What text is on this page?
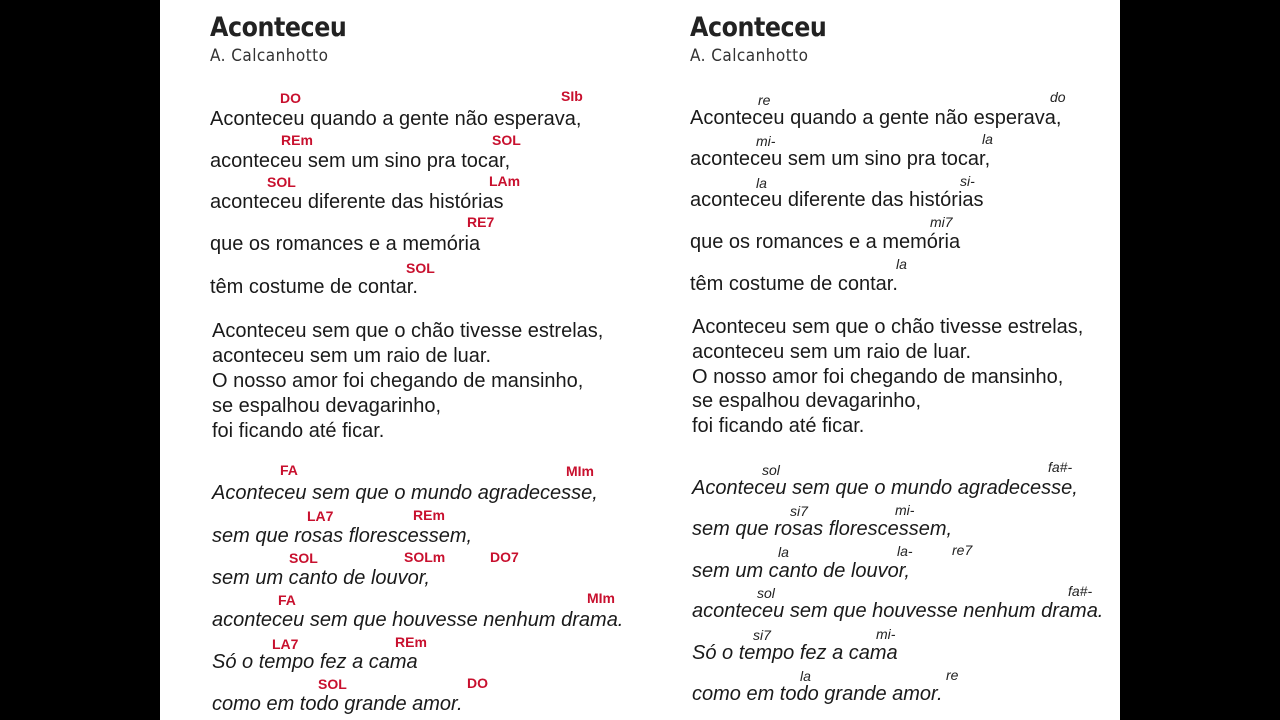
Aconteceu
A. Calcanhotto
Aconteceu quando a gente não esperava,
aconteceu sem um sino pra tocar,
aconteceu diferente das histórias
que os romances e a memória
têm costume de contar.
Aconteceu sem que o chão tivesse estrelas,
aconteceu sem um raio de luar.
O nosso amor foi chegando de mansinho,
se espalhou devagarinho,
foi ficando até ficar.
Aconteceu sem que o mundo agradecesse,
sem que rosas florescessem,
sem um canto de louvor,
aconteceu sem que houvesse nenhum drama.
Só o tempo fez a cama
como em todo grande amor.
DO	SIb
REm	SOL
SOL	LAm
RE7
SOL
FA	MIm
LA7	REm
SOL	SOLm	DO7
FA	MIm
LA7	REm
SOL	DO
Aconteceu
A. Calcanhotto
Aconteceu quando a gente não esperava,
aconteceu sem um sino pra tocar,
aconteceu diferente das histórias
que os romances e a memória
têm costume de contar.
Aconteceu sem que o chão tivesse estrelas,
aconteceu sem um raio de luar.
O nosso amor foi chegando de mansinho,
se espalhou devagarinho,
foi ficando até ficar.
Aconteceu sem que o mundo agradecesse,
sem que rosas florescessem,
sem um canto de louvor,
aconteceu sem que houvesse nenhum drama.
Só o tempo fez a cama
como em todo grande amor.
re	do
mi-	la
la	si-
mi7
la
sol	fa#-
si7	mi-
la	la-	re7
sol	fa#-
si7	mi-
la	re
